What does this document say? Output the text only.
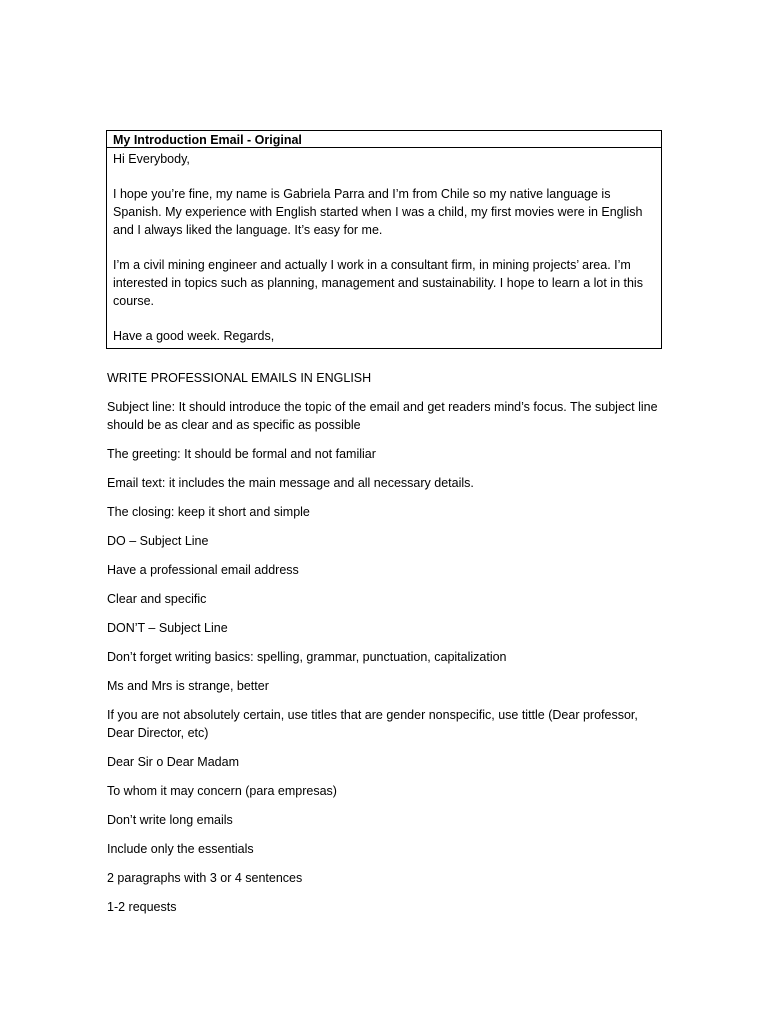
My Introduction Email - Original

Hi Everybody,

I hope you’re fine, my name is Gabriela Parra and I’m from Chile so my native language is Spanish. My experience with English started when I was a child, my first movies were in English and I always liked the language. It’s easy for me.

I’m a civil mining engineer and actually I work in a consultant firm, in mining projects’ area. I’m interested in topics such as planning, management and sustainability. I hope to learn a lot in this course.

Have a good week. Regards,

WRITE PROFESSIONAL EMAILS IN ENGLISH

Subject line: It should introduce the topic of the email and get readers mind’s focus. The subject line should be as clear and as specific as possible

The greeting: It should be formal and not familiar

Email text: it includes the main message and all necessary details.

The closing: keep it short and simple

DO – Subject Line

Have a professional email address

Clear and specific

DON’T – Subject Line

Don’t forget writing basics: spelling, grammar, punctuation, capitalization

Ms and Mrs is strange, better

If you are not absolutely certain, use titles that are gender nonspecific, use tittle (Dear professor, Dear Director, etc)

Dear Sir o Dear Madam

To whom it may concern (para empresas)

Don’t write long emails

Include only the essentials

2 paragraphs with 3 or 4 sentences

1-2 requests
